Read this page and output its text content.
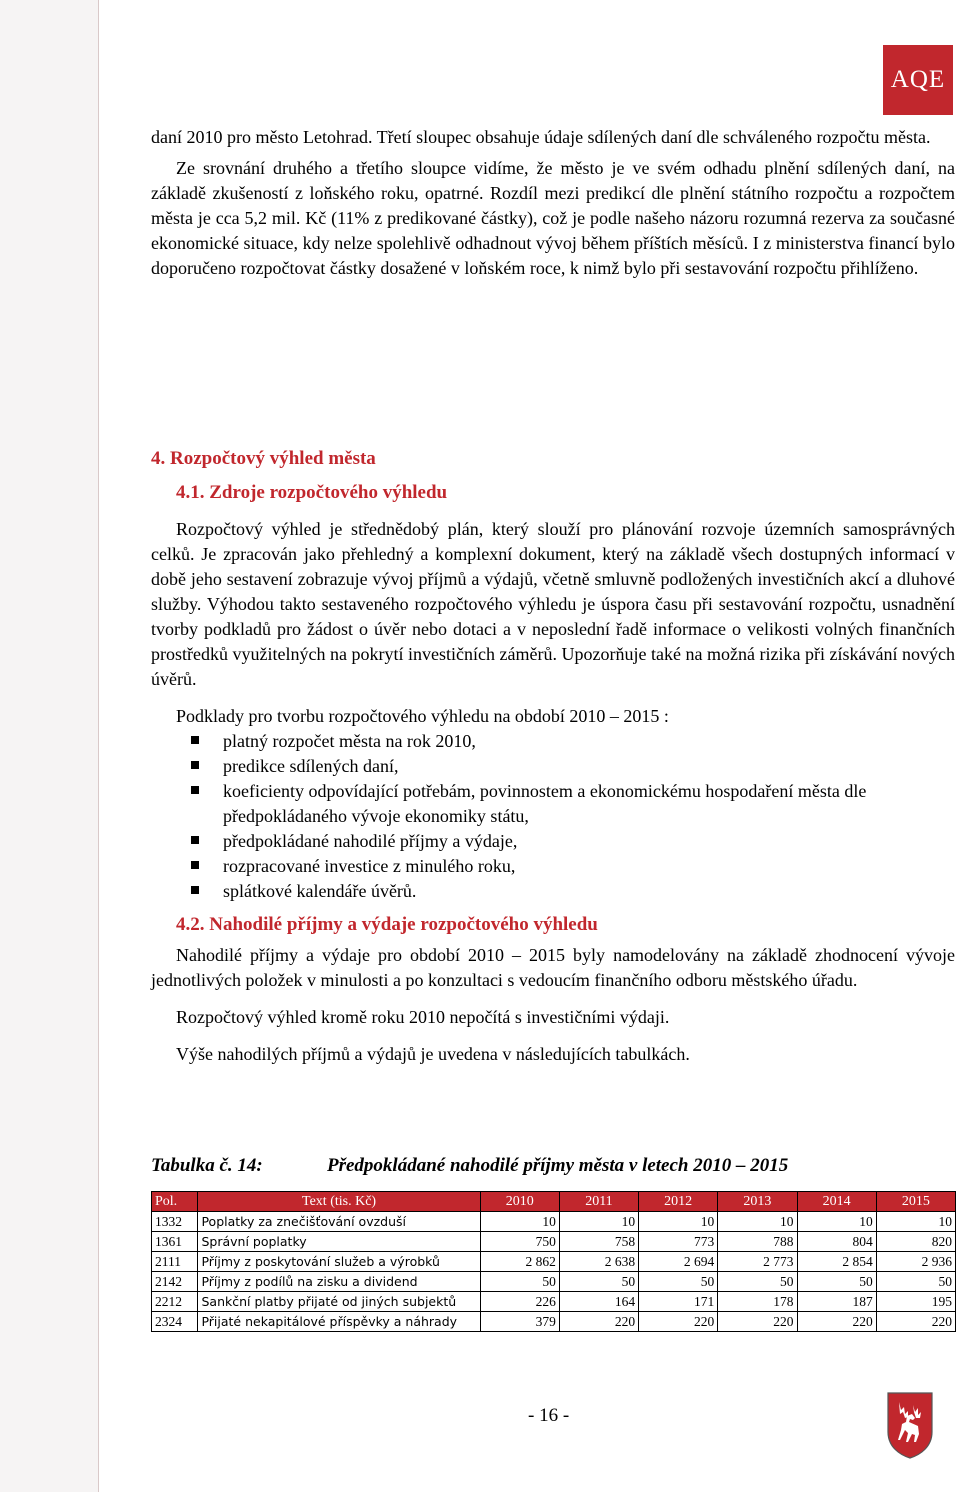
AQE

daní 2010 pro město Letohrad. Třetí sloupec obsahuje údaje sdílených daní dle schváleného rozpočtu města.

Ze srovnání druhého a třetího sloupce vidíme, že město je ve svém odhadu plnění sdílených daní, na základě zkušeností z loňského roku, opatrné. Rozdíl mezi predikcí dle plnění státního rozpočtu a rozpočtem města je cca 5,2 mil. Kč (11% z predikované částky), což je podle našeho názoru rozumná rezerva za současné ekonomické situace, kdy nelze spolehlivě odhadnout vývoj během příštích měsíců. I z ministerstva financí bylo doporučeno rozpočtovat částky dosažené v loňském roce, k nimž bylo při sestavování rozpočtu přihlíženo.

4. Rozpočtový výhled města
4.1. Zdroje rozpočtového výhledu

Rozpočtový výhled je střednědobý plán, který slouží pro plánování rozvoje územních samosprávných celků. Je zpracován jako přehledný a komplexní dokument, který na základě všech dostupných informací v době jeho sestavení zobrazuje vývoj příjmů a výdajů, včetně smluvně podložených investičních akcí a dluhové služby. Výhodou takto sestaveného rozpočtového výhledu je úspora času při sestavování rozpočtu, usnadnění tvorby podkladů pro žádost o úvěr nebo dotaci a v neposlední řadě informace o velikosti volných finančních prostředků využitelných na pokrytí investičních záměrů. Upozorňuje také na možná rizika při získávání nových úvěrů.

Podklady pro tvorbu rozpočtového výhledu na období 2010 – 2015 :

platný rozpočet města na rok 2010,
predikce sdílených daní,
koeficienty odpovídající potřebám, povinnostem a ekonomickému hospodaření města dle předpokládaného vývoje ekonomiky státu,
předpokládané nahodilé příjmy a výdaje,
rozpracované investice z minulého roku,
splátkové kalendáře úvěrů.
4.2. Nahodilé příjmy a výdaje rozpočtového výhledu

Nahodilé příjmy a výdaje pro období 2010 – 2015 byly namodelovány na základě zhodnocení vývoje jednotlivých položek v minulosti a po konzultaci s vedoucím finančního odboru městského úřadu.

Rozpočtový výhled kromě roku 2010 nepočítá s investičními výdaji.

Výše nahodilých příjmů a výdajů je uvedena v následujících tabulkách.

Tabulka č. 14:	Předpokládané nahodilé příjmy města v letech 2010 – 2015
Pol.	Text (tis. Kč)	2010	2011	2012	2013	2014	2015
1332	Poplatky za znečišťování ovzduší	10	10	10	10	10	10
1361	Správní poplatky	750	758	773	788	804	820
2111	Příjmy z poskytování služeb a výrobků	2 862	2 638	2 694	2 773	2 854	2 936
2142	Příjmy z podílů na zisku a dividend	50	50	50	50	50	50
2212	Sankční platby přijaté od jiných subjektů	226	164	171	178	187	195
2324	Přijaté nekapitálové příspěvky a náhrady	379	220	220	220	220	220
- 16 -
